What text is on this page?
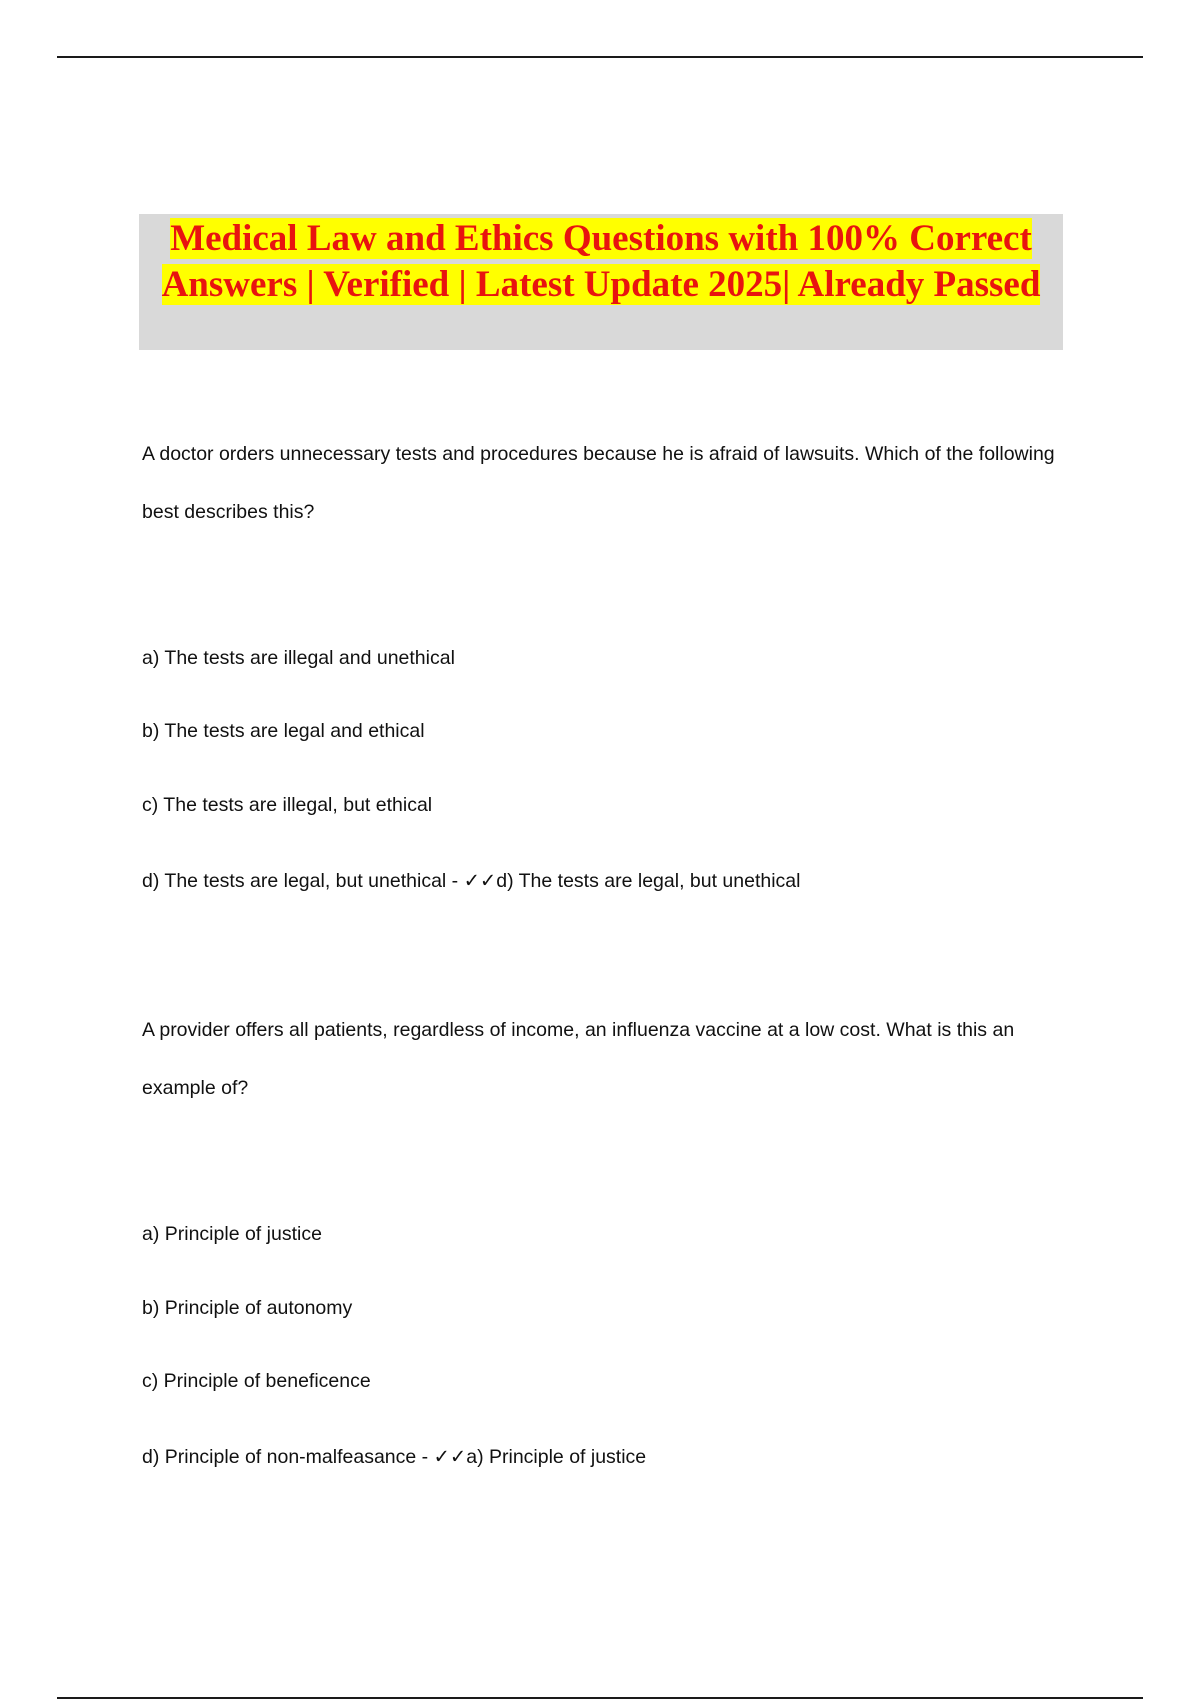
Medical Law and Ethics Questions with 100% Correct Answers | Verified | Latest Update 2025| Already Passed

A doctor orders unnecessary tests and procedures because he is afraid of lawsuits. Which of the following best describes this?

a) The tests are illegal and unethical

b) The tests are legal and ethical

c) The tests are illegal, but ethical

d) The tests are legal, but unethical - ✓✓d) The tests are legal, but unethical

A provider offers all patients, regardless of income, an influenza vaccine at a low cost. What is this an example of?

a) Principle of justice

b) Principle of autonomy

c) Principle of beneficence

d) Principle of non-malfeasance - ✓✓a) Principle of justice
